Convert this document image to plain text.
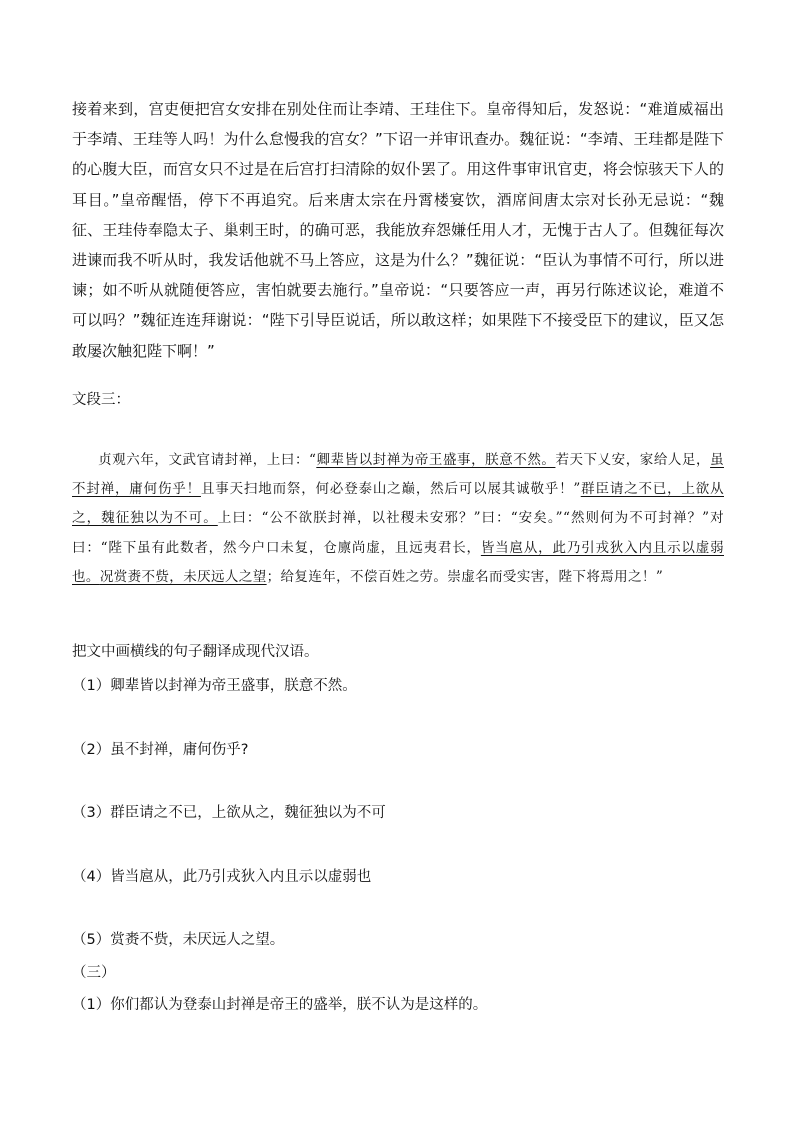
接着来到，宫吏便把宫女安排在别处住而让李靖、王珪住下。皇帝得知后，发怒说：“难道威福出于李靖、王珪等人吗！为什么怠慢我的宫女？”下诏一并审讯查办。魏征说：“李靖、王珪都是陛下的心腹大臣，而宫女只不过是在后宫打扫清除的奴仆罢了。用这件事审讯官吏，将会惊骇天下人的耳目。”皇帝醒悟，停下不再追究。后来唐太宗在丹霄楼宴饮，酒席间唐太宗对长孙无忌说：“魏征、王珪侍奉隐太子、巢剌王时，的确可恶，我能放弃怨嫌任用人才，无愧于古人了。但魏征每次进谏而我不听从时，我发话他就不马上答应，这是为什么？”魏征说：“臣认为事情不可行，所以进谏；如不听从就随便答应，害怕就要去施行。”皇帝说：“只要答应一声，再另行陈述议论，难道不可以吗？”魏征连连拜谢说：“陛下引导臣说话，所以敢这样；如果陛下不接受臣下的建议，臣又怎敢屡次触犯陛下啊！”

文段三：
贞观六年，文武官请封禅，上曰：“卿辈皆以封禅为帝王盛事，朕意不然。若天下乂安，家给人足，虽不封禅，庸何伤乎！且事天扫地而祭，何必登泰山之巅，然后可以展其诚敬乎！”群臣请之不已，上欲从之，魏征独以为不可。上曰：“公不欲朕封禅，以社稷未安邪？”曰：“安矣。”“然则何为不可封禅？”对曰：“陛下虽有此数者，然今户口未复，仓廪尚虚，且远夷君长，皆当扈从，此乃引戎狄入内且示以虚弱也。况赏赉不赀，未厌远人之望；给复连年，不偿百姓之劳。崇虚名而受实害，陛下将焉用之！”
把文中画横线的句子翻译成现代汉语。
（1）卿辈皆以封禅为帝王盛事，朕意不然。
（2）虽不封禅，庸何伤乎?
（3）群臣请之不已，上欲从之，魏征独以为不可
（4）皆当扈从，此乃引戎狄入内且示以虚弱也
（5）赏赉不赀，未厌远人之望。
（三）
（1）你们都认为登泰山封禅是帝王的盛举，朕不认为是这样的。
